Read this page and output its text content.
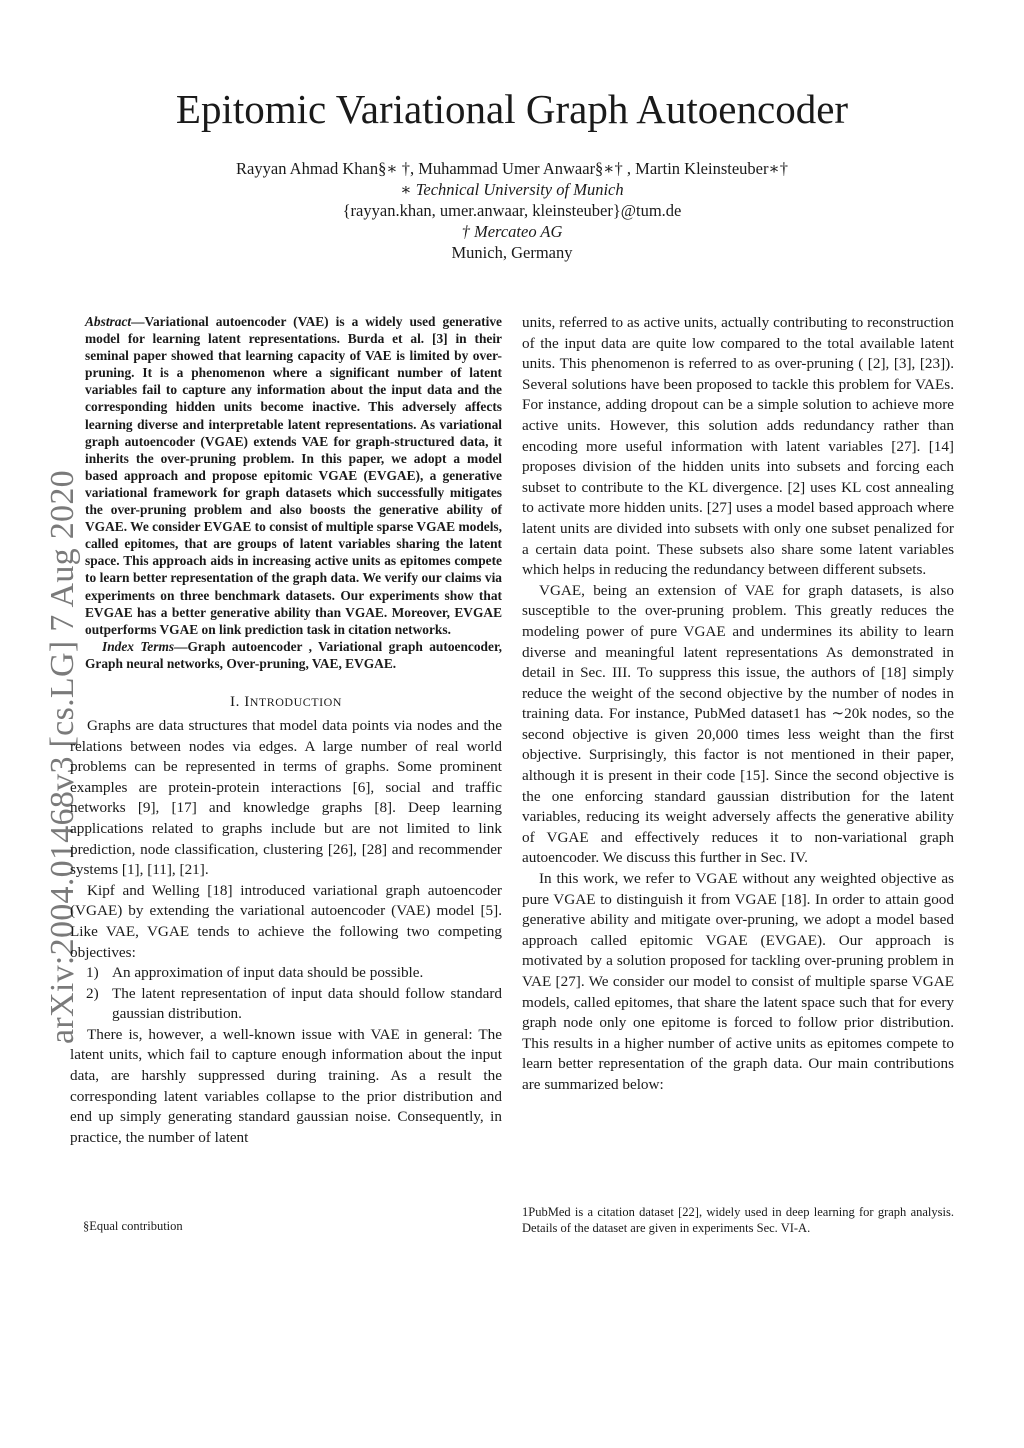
arXiv:2004.01468v3 [cs.LG] 7 Aug 2020
Epitomic Variational Graph Autoencoder
Rayyan Ahmad Khan§∗ †, Muhammad Umer Anwaar§∗† , Martin Kleinsteuber∗†
∗ Technical University of Munich
{rayyan.khan, umer.anwaar, kleinsteuber}@tum.de
† Mercateo AG
Munich, Germany

Abstract—Variational autoencoder (VAE) is a widely used generative model for learning latent representations. Burda et al. [3] in their seminal paper showed that learning capacity of VAE is limited by over-pruning. It is a phenomenon where a significant number of latent variables fail to capture any information about the input data and the corresponding hidden units become inactive. This adversely affects learning diverse and interpretable latent representations. As variational graph autoencoder (VGAE) extends VAE for graph-structured data, it inherits the over-pruning problem. In this paper, we adopt a model based approach and propose epitomic VGAE (EVGAE), a generative variational framework for graph datasets which successfully mitigates the over-pruning problem and also boosts the generative ability of VGAE. We consider EVGAE to consist of multiple sparse VGAE models, called epitomes, that are groups of latent variables sharing the latent space. This approach aids in increasing active units as epitomes compete to learn better representation of the graph data. We verify our claims via experiments on three benchmark datasets. Our experiments show that EVGAE has a better generative ability than VGAE. Moreover, EVGAE outperforms VGAE on link prediction task in citation networks.

Index Terms—Graph autoencoder , Variational graph autoencoder, Graph neural networks, Over-pruning, VAE, EVGAE.

I. INTRODUCTION

Graphs are data structures that model data points via nodes and the relations between nodes via edges. A large number of real world problems can be represented in terms of graphs. Some prominent examples are protein-protein interactions [6], social and traffic networks [9], [17] and knowledge graphs [8]. Deep learning applications related to graphs include but are not limited to link prediction, node classification, clustering [26], [28] and recommender systems [1], [11], [21].

Kipf and Welling [18] introduced variational graph autoencoder (VGAE) by extending the variational autoencoder (VAE) model [5]. Like VAE, VGAE tends to achieve the following two competing objectives:

1) An approximation of input data should be possible.
2) The latent representation of input data should follow standard gaussian distribution.

There is, however, a well-known issue with VAE in general: The latent units, which fail to capture enough information about the input data, are harshly suppressed during training. As a result the corresponding latent variables collapse to the prior distribution and end up simply generating standard gaussian noise. Consequently, in practice, the number of latent

units, referred to as active units, actually contributing to reconstruction of the input data are quite low compared to the total available latent units. This phenomenon is referred to as over-pruning ( [2], [3], [23]). Several solutions have been proposed to tackle this problem for VAEs. For instance, adding dropout can be a simple solution to achieve more active units. However, this solution adds redundancy rather than encoding more useful information with latent variables [27]. [14] proposes division of the hidden units into subsets and forcing each subset to contribute to the KL divergence. [2] uses KL cost annealing to activate more hidden units. [27] uses a model based approach where latent units are divided into subsets with only one subset penalized for a certain data point. These subsets also share some latent variables which helps in reducing the redundancy between different subsets.

VGAE, being an extension of VAE for graph datasets, is also susceptible to the over-pruning problem. This greatly reduces the modeling power of pure VGAE and undermines its ability to learn diverse and meaningful latent representations As demonstrated in detail in Sec. III. To suppress this issue, the authors of [18] simply reduce the weight of the second objective by the number of nodes in training data. For instance, PubMed dataset1 has ∼20k nodes, so the second objective is given 20,000 times less weight than the first objective. Surprisingly, this factor is not mentioned in their paper, although it is present in their code [15]. Since the second objective is the one enforcing standard gaussian distribution for the latent variables, reducing its weight adversely affects the generative ability of VGAE and effectively reduces it to non-variational graph autoencoder. We discuss this further in Sec. IV.

In this work, we refer to VGAE without any weighted objective as pure VGAE to distinguish it from VGAE [18]. In order to attain good generative ability and mitigate over-pruning, we adopt a model based approach called epitomic VGAE (EVGAE). Our approach is motivated by a solution proposed for tackling over-pruning problem in VAE [27]. We consider our model to consist of multiple sparse VGAE models, called epitomes, that share the latent space such that for every graph node only one epitome is forced to follow prior distribution. This results in a higher number of active units as epitomes compete to learn better representation of the graph data. Our main contributions are summarized below:

§Equal contribution
1PubMed is a citation dataset [22], widely used in deep learning for graph analysis. Details of the dataset are given in experiments Sec. VI-A.
